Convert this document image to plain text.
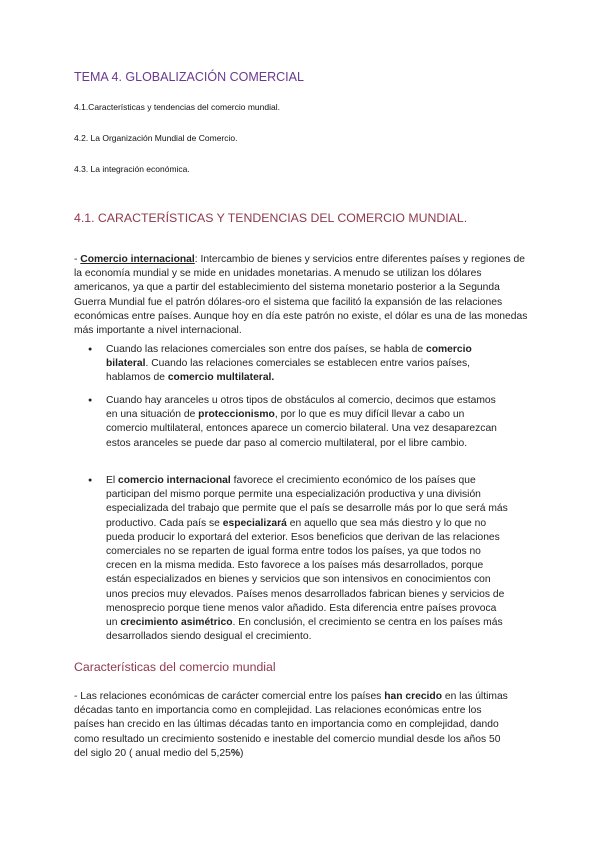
TEMA 4. GLOBALIZACIÓN COMERCIAL

4.1.Características y tendencias del comercio mundial.

4.2. La Organización Mundial de Comercio.

4.3. La integración económica.

4.1. CARACTERÍSTICAS Y TENDENCIAS DEL COMERCIO MUNDIAL.

- Comercio internacional: Intercambio de bienes y servicios entre diferentes países y regiones de la economía mundial y se mide en unidades monetarias. A menudo se utilizan los dólares americanos, ya que a partir del establecimiento del sistema monetario posterior a la Segunda Guerra Mundial fue el patrón dólares-oro el sistema que facilitó la expansión de las relaciones económicas entre países. Aunque hoy en día este patrón no existe, el dólar es una de las monedas más importante a nivel internacional.

● Cuando las relaciones comerciales son entre dos países, se habla de comercio bilateral. Cuando las relaciones comerciales se establecen entre varios países, hablamos de comercio multilateral.
● Cuando hay aranceles u otros tipos de obstáculos al comercio, decimos que estamos en una situación de proteccionismo, por lo que es muy difícil llevar a cabo un comercio multilateral, entonces aparece un comercio bilateral. Una vez desaparezcan estos aranceles se puede dar paso al comercio multilateral, por el libre cambio.
● El comercio internacional favorece el crecimiento económico de los países que participan del mismo porque permite una especialización productiva y una división especializada del trabajo que permite que el país se desarrolle más por lo que será más productivo. Cada país se especializará en aquello que sea más diestro y lo que no pueda producir lo exportará del exterior. Esos beneficios que derivan de las relaciones comerciales no se reparten de igual forma entre todos los países, ya que todos no crecen en la misma medida. Esto favorece a los países más desarrollados, porque están especializados en bienes y servicios que son intensivos en conocimientos con unos precios muy elevados. Países menos desarrollados fabrican bienes y servicios de menosprecio porque tiene menos valor añadido. Esta diferencia entre países provoca un crecimiento asimétrico. En conclusión, el crecimiento se centra en los países más desarrollados siendo desigual el crecimiento.
Características del comercio mundial

- Las relaciones económicas de carácter comercial entre los países han crecido en las últimas décadas tanto en importancia como en complejidad. Las relaciones económicas entre los países han crecido en las últimas décadas tanto en importancia como en complejidad, dando como resultado un crecimiento sostenido e inestable del comercio mundial desde los años 50 del siglo 20 ( anual medio del 5,25%)
